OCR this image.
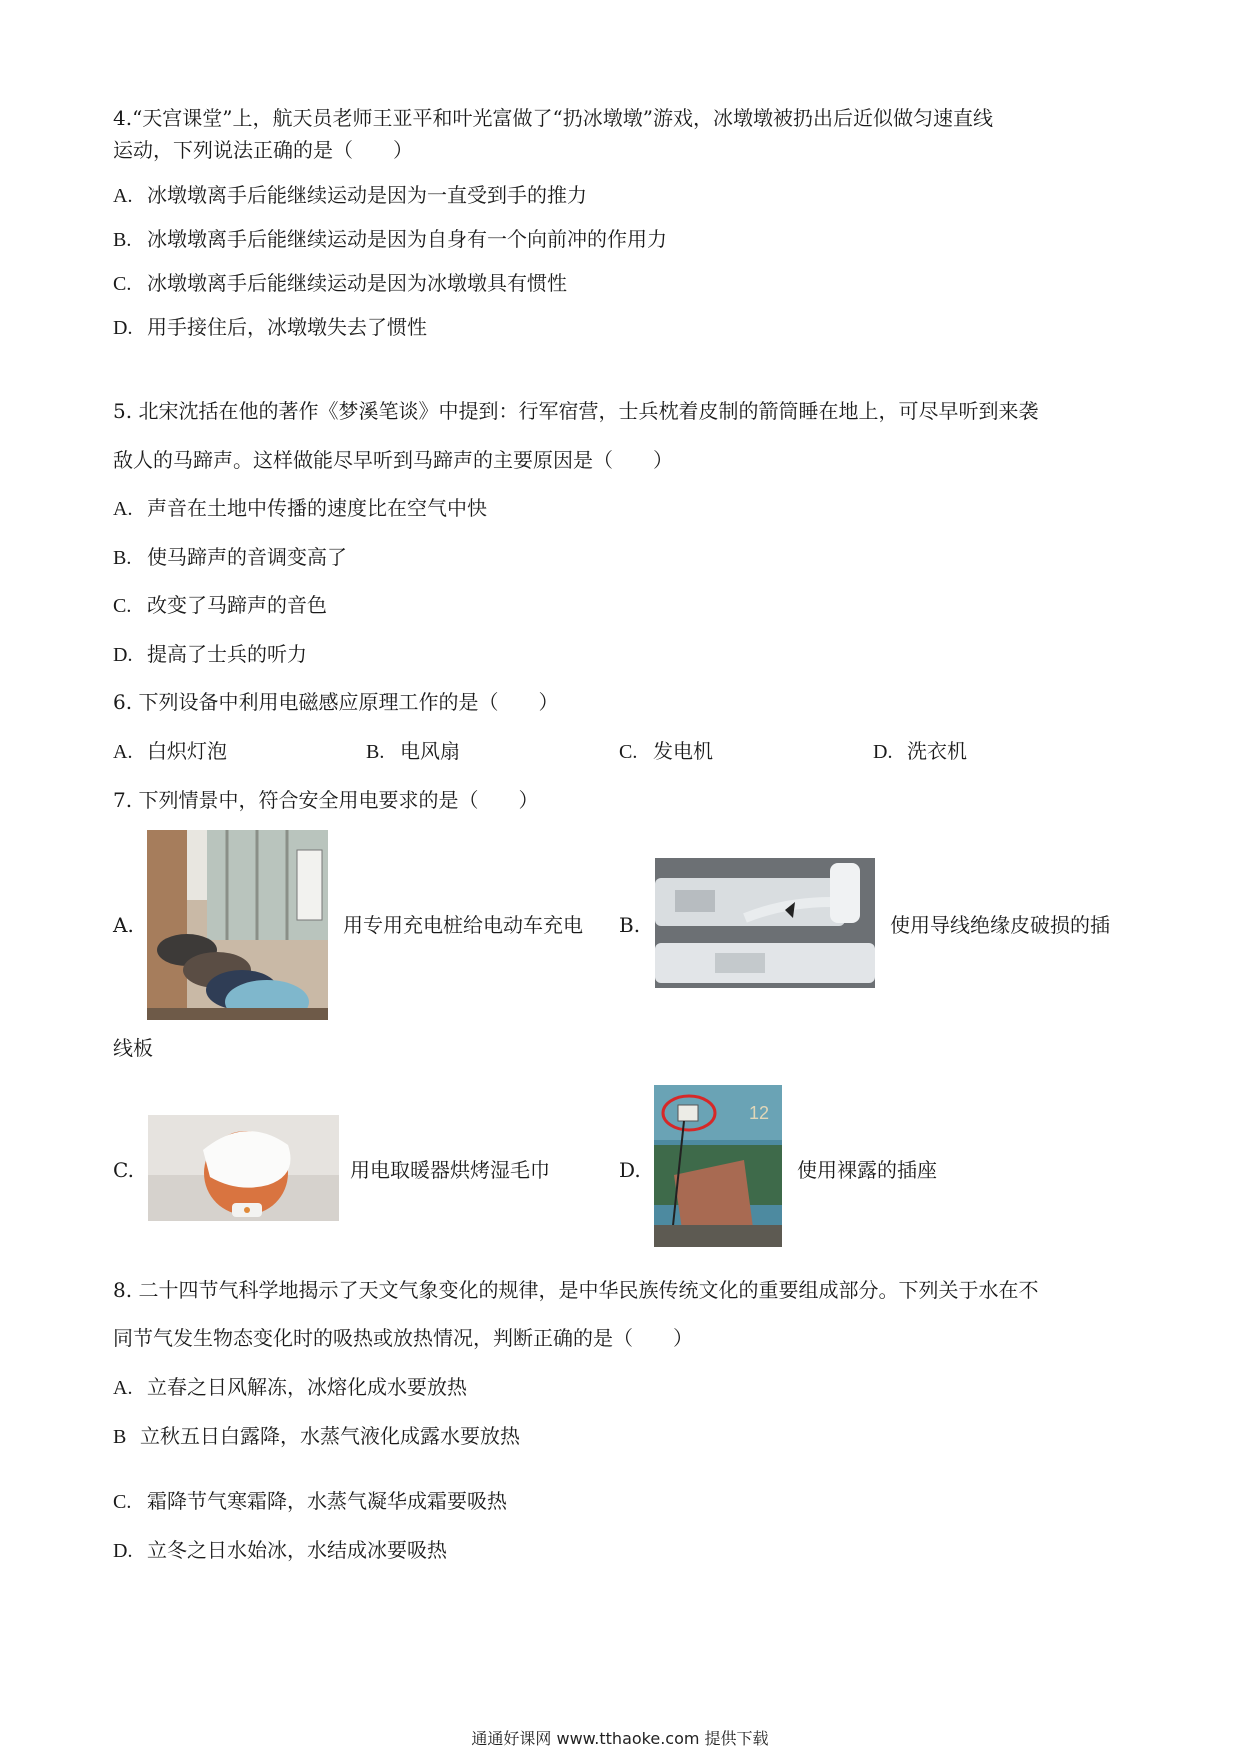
4.“天宫课堂”上，航天员老师王亚平和叶光富做了“扔冰墩墩”游戏，冰墩墩被扔出后近似做匀速直线
运动，下列说法正确的是（　　）
A. 冰墩墩离手后能继续运动是因为一直受到手的推力
B. 冰墩墩离手后能继续运动是因为自身有一个向前冲的作用力
C. 冰墩墩离手后能继续运动是因为冰墩墩具有惯性
D. 用手接住后，冰墩墩失去了惯性
5. 北宋沈括在他的著作《梦溪笔谈》中提到：行军宿营，士兵枕着皮制的箭筒睡在地上，可尽早听到来袭
敌人的马蹄声。这样做能尽早听到马蹄声的主要原因是（　　）
A. 声音在土地中传播的速度比在空气中快
B. 使马蹄声的音调变高了
C. 改变了马蹄声的音色
D. 提高了士兵的听力
6. 下列设备中利用电磁感应原理工作的是（　　）
A. 白炽灯泡	B. 电风扇	C. 发电机	D. 洗衣机
7. 下列情景中，符合安全用电要求的是（　　）
A.	用专用充电桩给电动车充电 B.	使用导线绝缘皮破损的插
线板
C.	用电取暖器烘烤湿毛巾	D.
12
使用裸露的插座
8. 二十四节气科学地揭示了天文气象变化的规律，是中华民族传统文化的重要组成部分。下列关于水在不
同节气发生物态变化时的吸热或放热情况，判断正确的是（　　）
A. 立春之日风解冻，冰熔化成水要放热
B 立秋五日白露降，水蒸气液化成露水要放热
C. 霜降节气寒霜降，水蒸气凝华成霜要吸热
D. 立冬之日水始冰，水结成冰要吸热
通通好课网 www.tthaoke.com 提供下载
